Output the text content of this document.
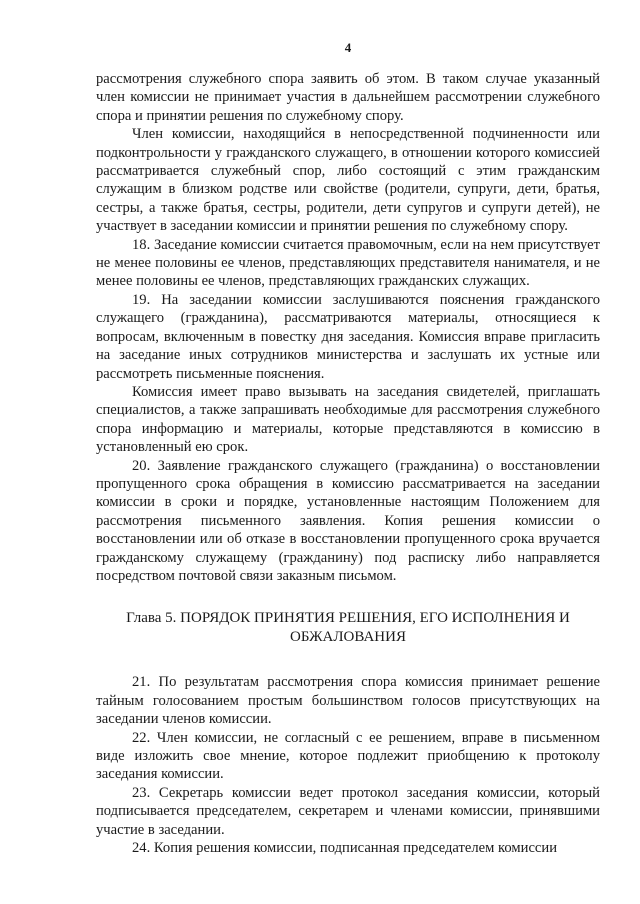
4

рассмотрения служебного спора заявить об этом. В таком случае указанный член комиссии не принимает участия в дальнейшем рассмотрении служебного спора и принятии решения по служебному спору.

Член комиссии, находящийся в непосредственной подчиненности или подконтрольности у гражданского служащего, в отношении которого комиссией рассматривается служебный спор, либо состоящий с этим гражданским служащим в близком родстве или свойстве (родители, супруги, дети, братья, сестры, а также братья, сестры, родители, дети супругов и супруги детей), не участвует в заседании комиссии и принятии решения по служебному спору.

18. Заседание комиссии считается правомочным, если на нем присутствует не менее половины ее членов, представляющих представителя нанимателя, и не менее половины ее членов, представляющих гражданских служащих.

19. На заседании комиссии заслушиваются пояснения гражданского служащего (гражданина), рассматриваются материалы, относящиеся к вопросам, включенным в повестку дня заседания. Комиссия вправе пригласить на заседание иных сотрудников министерства и заслушать их устные или рассмотреть письменные пояснения.

Комиссия имеет право вызывать на заседания свидетелей, приглашать специалистов, а также запрашивать необходимые для рассмотрения служебного спора информацию и материалы, которые представляются в комиссию в установленный ею срок.

20. Заявление гражданского служащего (гражданина) о восстановлении пропущенного срока обращения в комиссию рассматривается на заседании комиссии в сроки и порядке, установленные настоящим Положением для рассмотрения письменного заявления. Копия решения комиссии о восстановлении или об отказе в восстановлении пропущенного срока вручается гражданскому служащему (гражданину) под расписку либо направляется посредством почтовой связи заказным письмом.

Глава 5. ПОРЯДОК ПРИНЯТИЯ РЕШЕНИЯ, ЕГО ИСПОЛНЕНИЯ И ОБЖАЛОВАНИЯ

21. По результатам рассмотрения спора комиссия принимает решение тайным голосованием простым большинством голосов присутствующих на заседании членов комиссии.

22. Член комиссии, не согласный с ее решением, вправе в письменном виде изложить свое мнение, которое подлежит приобщению к протоколу заседания комиссии.

23. Секретарь комиссии ведет протокол заседания комиссии, который подписывается председателем, секретарем и членами комиссии, принявшими участие в заседании.

24. Копия решения комиссии, подписанная председателем комиссии
